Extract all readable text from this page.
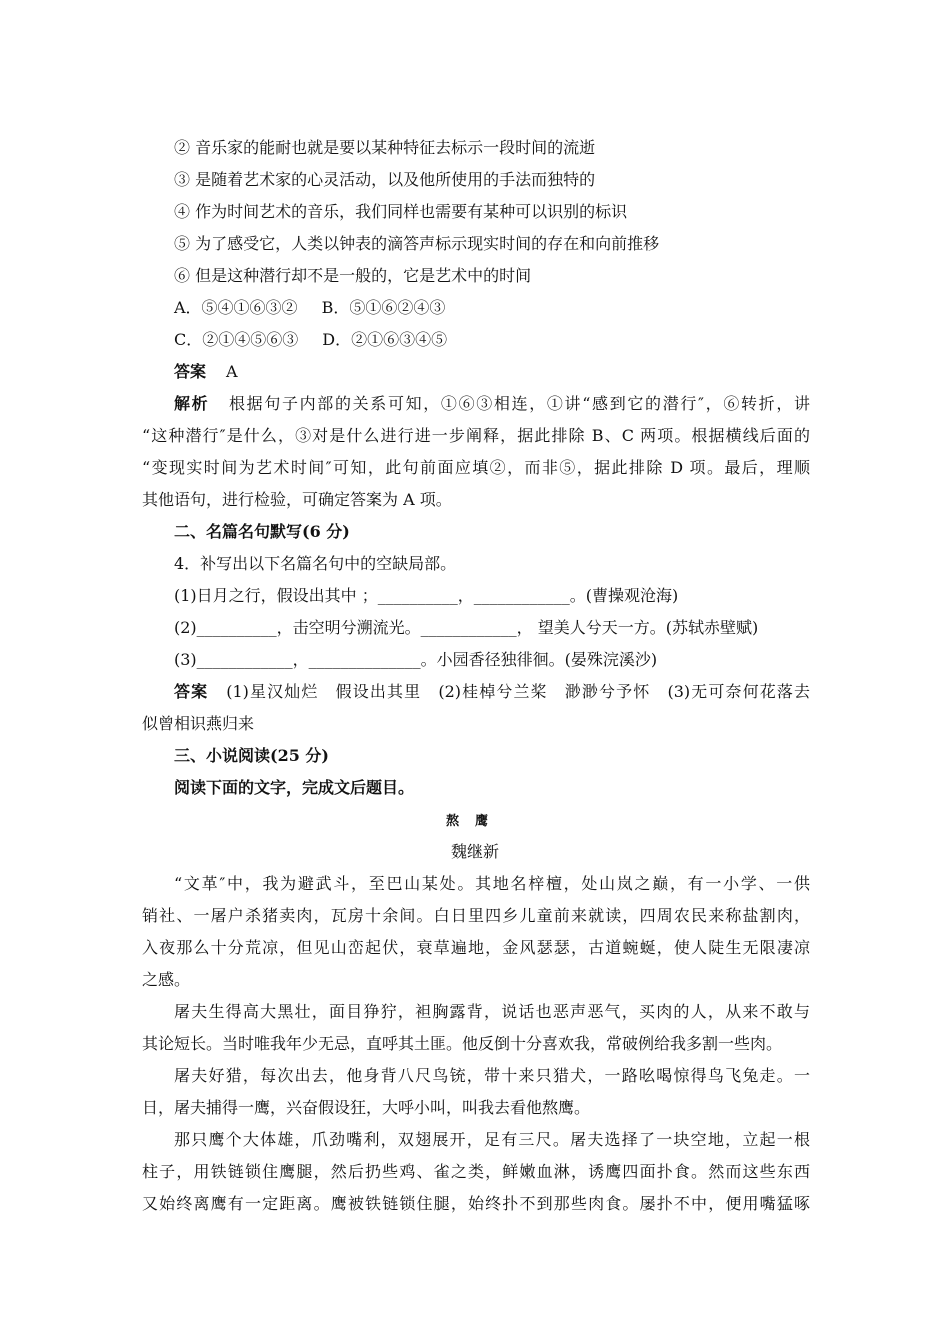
② 音乐家的能耐也就是要以某种特征去标示一段时间的流逝
③ 是随着艺术家的心灵活动，以及他所使用的手法而独特的
④ 作为时间艺术的音乐，我们同样也需要有某种可以识别的标识
⑤ 为了感受它，人类以钟表的滴答声标示现实时间的存在和向前推移
⑥ 但是这种潜行却不是一般的，它是艺术中的时间
A．⑤④①⑥③② B．⑤①⑥②④③
C．②①④⑤⑥③ D．②①⑥③④⑤
答案 A
解析 根据句子内部的关系可知，①⑥③相连，①讲“感到它的潜行″，⑥转折，讲
“这种潜行″是什么，③对是什么进行进一步阐释，据此排除 B、C 两项。根据横线后面的
“变现实时间为艺术时间″可知，此句前面应填②，而非⑤，据此排除 D 项。最后，理顺
其他语句，进行检验，可确定答案为 A 项。
二、名篇名句默写(6 分)
4．补写出以下名篇名句中的空缺局部。
(1)日月之行，假设出其中 ；__________，____________。(曹操观沧海)
(2)__________，击空明兮溯流光。____________， 望美人兮天一方。(苏轼赤壁赋)
(3)____________，______________。小园香径独徘徊。(晏殊浣溪沙)
答案 (1)星汉灿烂　假设出其里　(2)桂棹兮兰桨　渺渺兮予怀　(3)无可奈何花落去
似曾相识燕归来
三、小说阅读(25 分)
阅读下面的文字，完成文后题目。
熬鹰
魏继新
“文革″中，我为避武斗，至巴山某处。其地名梓檀，处山岚之巅，有一小学、一供
销社、一屠户杀猪卖肉，瓦房十余间。白日里四乡儿童前来就读，四周农民来称盐割肉，
入夜那么十分荒凉，但见山峦起伏，衰草遍地，金风瑟瑟，古道蜿蜒，使人陡生无限凄凉
之感。
屠夫生得高大黑壮，面目狰狞，袒胸露背，说话也恶声恶气，买肉的人，从来不敢与
其论短长。当时唯我年少无忌，直呼其土匪。他反倒十分喜欢我，常破例给我多割一些肉。
屠夫好猎，每次出去，他身背八尺鸟铳，带十来只猎犬，一路吆喝惊得鸟飞兔走。一
日，屠夫捕得一鹰，兴奋假设狂，大呼小叫，叫我去看他熬鹰。
那只鹰个大体雄，爪劲嘴利，双翅展开，足有三尺。屠夫选择了一块空地，立起一根
柱子，用铁链锁住鹰腿，然后扔些鸡、雀之类，鲜嫩血淋，诱鹰四面扑食。然而这些东西
又始终离鹰有一定距离。鹰被铁链锁住腿，始终扑不到那些肉食。屡扑不中，便用嘴猛啄
